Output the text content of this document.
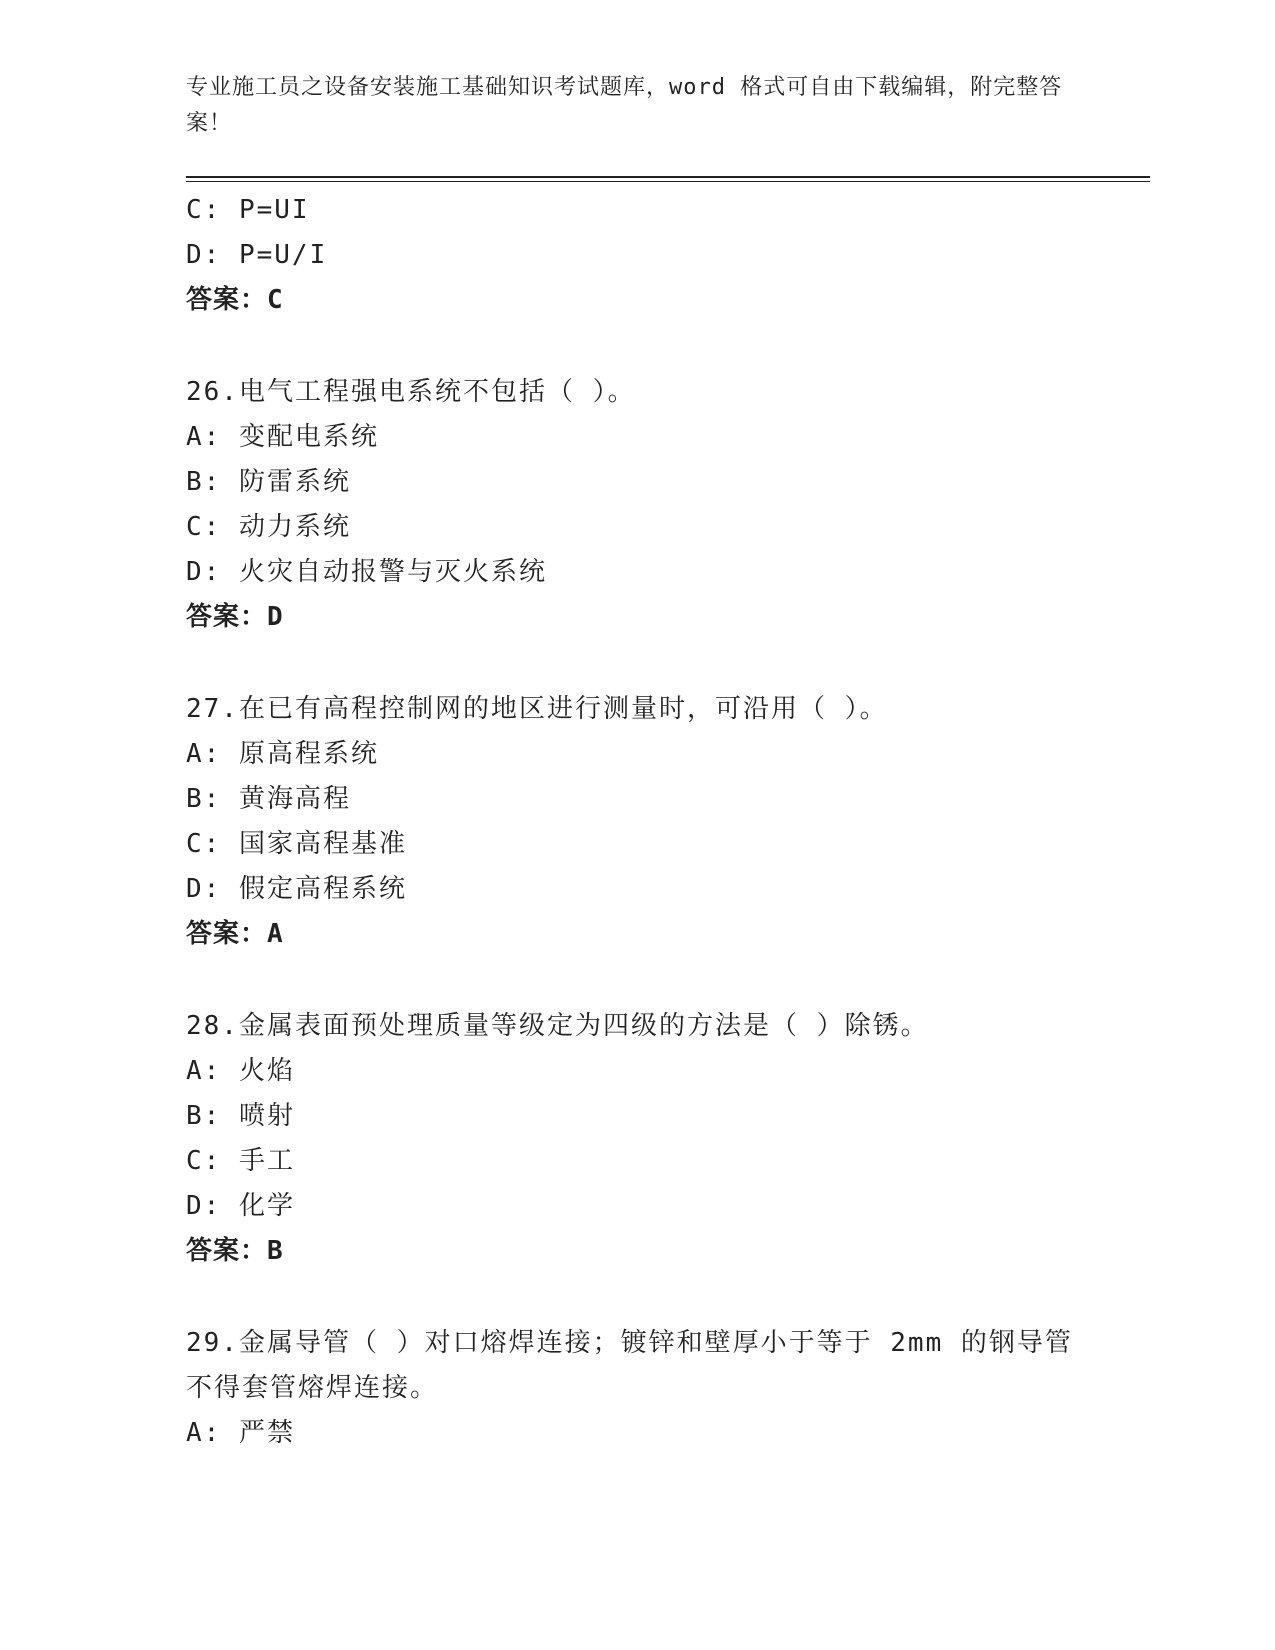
专业施工员之设备安装施工基础知识考试题库，word 格式可自由下载编辑，附完整答案！
C: P=UI
D: P=U/I
答案：C
26.电气工程强电系统不包括（ ）。
A: 变配电系统
B: 防雷系统
C: 动力系统
D: 火灾自动报警与灭火系统
答案：D
27.在已有高程控制网的地区进行测量时，可沿用（ ）。
A: 原高程系统
B: 黄海高程
C: 国家高程基准
D: 假定高程系统
答案：A
28.金属表面预处理质量等级定为四级的方法是（ ）除锈。
A: 火焰
B: 喷射
C: 手工
D: 化学
答案：B
29.金属导管（ ）对口熔焊连接；镀锌和壁厚小于等于 2mm 的钢导管不得套管熔焊连接。
A: 严禁
